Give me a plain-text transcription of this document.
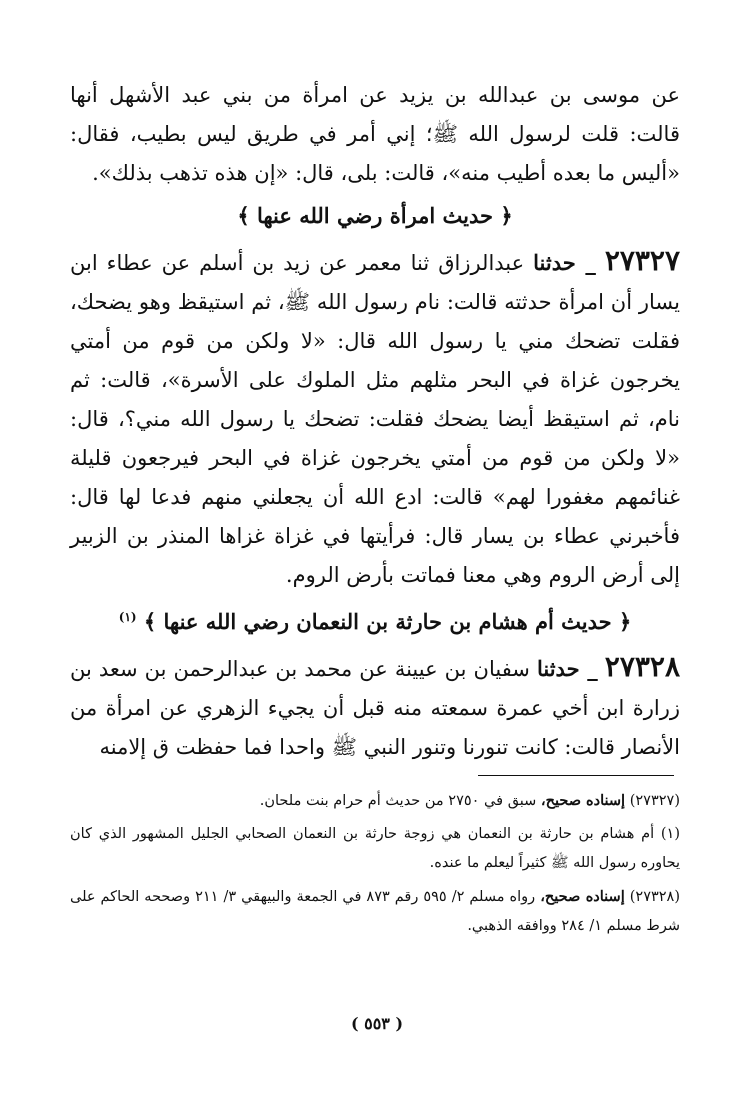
عن موسى بن عبدالله بن يزيد عن امرأة من بني عبد الأشهل أنها قالت: قلت لرسول الله ﷺ؛ إني أمر في طريق ليس بطيب، فقال: «أليس ما بعده أطيب منه»، قالت: بلى، قال: «إن هذه تذهب بذلك».

﴿ حديث امرأة رضي الله عنها ﴾

٢٧٣٢٧ _ حدثنا عبدالرزاق ثنا معمر عن زيد بن أسلم عن عطاء ابن يسار أن امرأة حدثته قالت: نام رسول الله ﷺ، ثم استيقظ وهو يضحك، فقلت تضحك مني يا رسول الله قال: «لا ولكن من قوم من أمتي يخرجون غزاة في البحر مثلهم مثل الملوك على الأسرة»، قالت: ثم نام، ثم استيقظ أيضا يضحك فقلت: تضحك يا رسول الله مني؟، قال: «لا ولكن من قوم من أمتي يخرجون غزاة في البحر فيرجعون قليلة غنائمهم مغفورا لهم» قالت: ادع الله أن يجعلني منهم فدعا لها قال: فأخبرني عطاء بن يسار قال: فرأيتها في غزاة غزاها المنذر بن الزبير إلى أرض الروم وهي معنا فماتت بأرض الروم.

﴿ حديث أم هشام بن حارثة بن النعمان رضي الله عنها ﴾ $^{(١)}$

٢٧٣٢٨ _ حدثنا سفيان بن عيينة عن محمد بن عبدالرحمن بن سعد بن زرارة ابن أخي عمرة سمعته منه قبل أن يجيء الزهري عن امرأة من الأنصار قالت: كانت تنورنا وتنور النبي ﷺ واحدا فما حفظت ق إلامنه

(٢٧٣٢٧) إسناده صحيح، سبق في ٢٧٥٠ من حديث أم حرام بنت ملحان.

(١) أم هشام بن حارثة بن النعمان هي زوجة حارثة بن النعمان الصحابي الجليل المشهور الذي كان يحاوره رسول الله ﷺ كثيراً ليعلم ما عنده.

(٢٧٣٢٨) إسناده صحيح، رواه مسلم ٢/ ٥٩٥ رقم ٨٧٣ في الجمعة والبيهقي ٣/ ٢١١ وصححه الحاكم على شرط مسلم ١/ ٢٨٤ ووافقه الذهبي.

( ٥٥٣ )
